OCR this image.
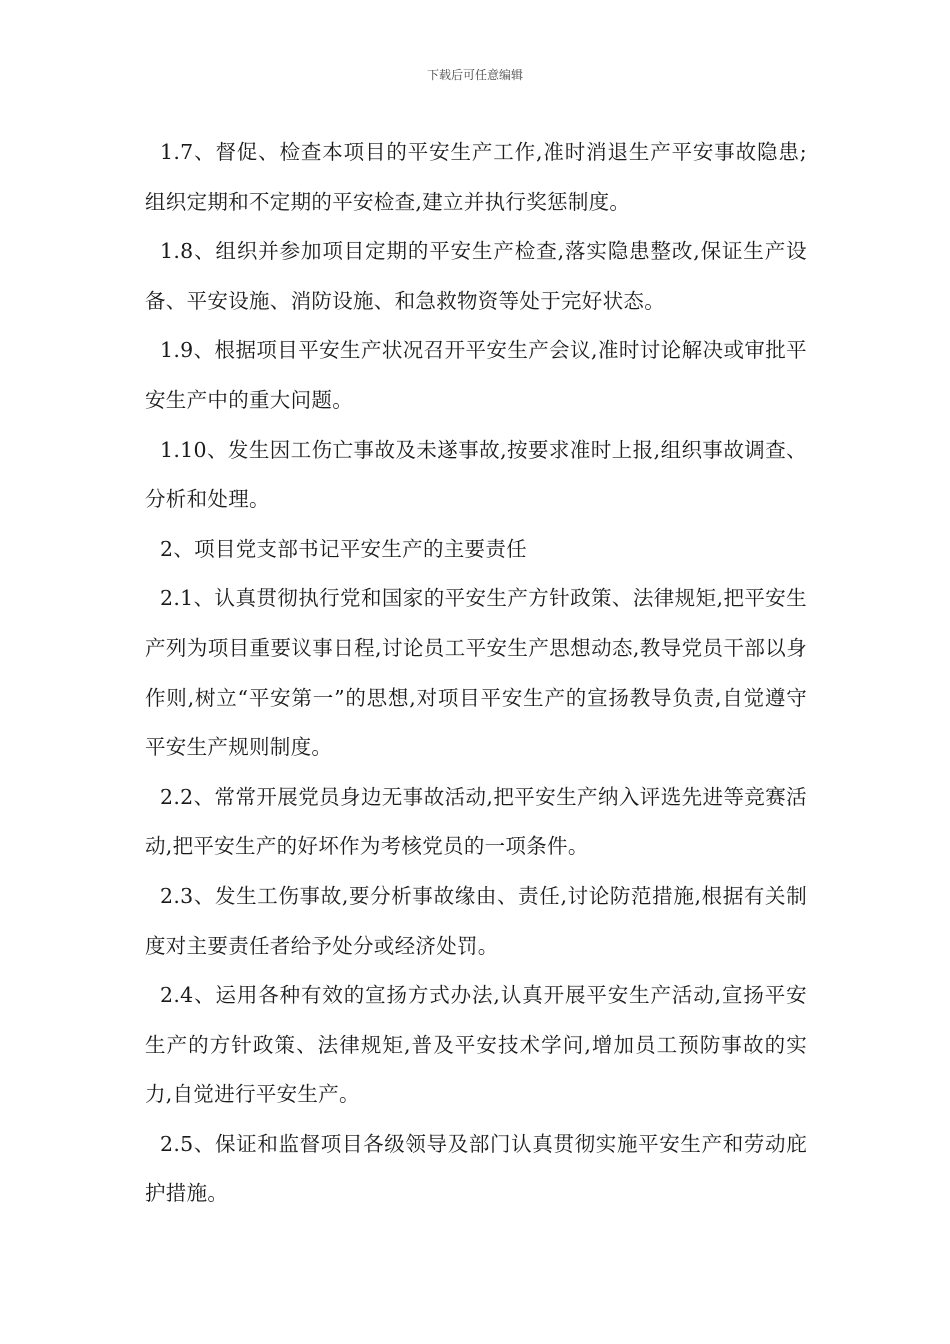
下载后可任意编辑

1.7、督促、检查本项目的平安生产工作,准时消退生产平安事故隐患;组织定期和不定期的平安检查,建立并执行奖惩制度。

1.8、组织并参加项目定期的平安生产检查,落实隐患整改,保证生产设备、平安设施、消防设施、和急救物资等处于完好状态。

1.9、根据项目平安生产状况召开平安生产会议,准时讨论解决或审批平安生产中的重大问题。

1.10、发生因工伤亡事故及未遂事故,按要求准时上报,组织事故调查、分析和处理。

2、项目党支部书记平安生产的主要责任

2.1、认真贯彻执行党和国家的平安生产方针政策、法律规矩,把平安生产列为项目重要议事日程,讨论员工平安生产思想动态,教导党员干部以身作则,树立“平安第一”的思想,对项目平安生产的宣扬教导负责,自觉遵守平安生产规则制度。

2.2、常常开展党员身边无事故活动,把平安生产纳入评选先进等竞赛活动,把平安生产的好坏作为考核党员的一项条件。

2.3、发生工伤事故,要分析事故缘由、责任,讨论防范措施,根据有关制度对主要责任者给予处分或经济处罚。

2.4、运用各种有效的宣扬方式办法,认真开展平安生产活动,宣扬平安生产的方针政策、法律规矩,普及平安技术学问,增加员工预防事故的实力,自觉进行平安生产。

2.5、保证和监督项目各级领导及部门认真贯彻实施平安生产和劳动庇护措施。
